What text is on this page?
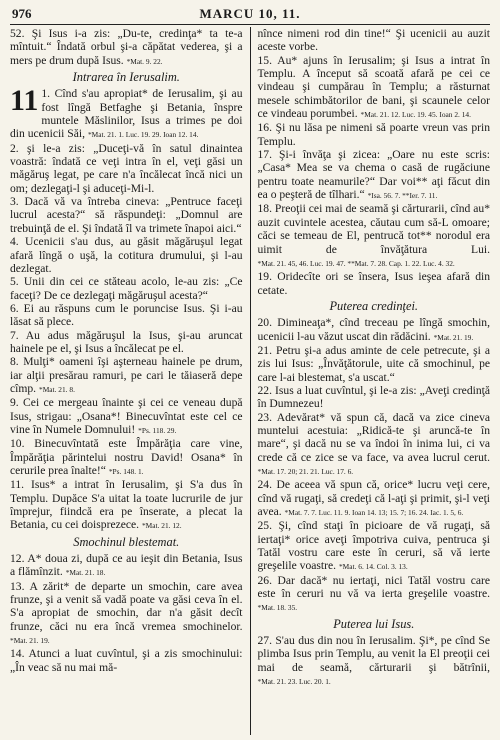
976	MARCU 10, 11.

52. Şi Isus i-a zis: „Du-te, credinţa* ta te-a mîntuit.“ Îndată orbul şi-a căpătat vederea, şi a mers pe drum după Isus. *Mat. 9. 22.

Intrarea în Ierusalim.

11 1. Cînd s'au apropiat* de Ierusalim, şi au fost lîngă Betfaghe şi Betania, înspre muntele Măslinilor, Isus a trimes pe doi din ucenicii Săi, *Mat. 21. 1. Luc. 19. 29. Ioan 12. 14.

2. şi le-a zis: „Duceţi-vă în satul dinaintea voastră: îndată ce veţi intra în el, veţi găsi un măgăruş legat, pe care n'a încălecat încă nici un om; dezlegaţi-l şi aduceţi-Mi-l.

3. Dacă vă va întreba cineva: „Pentruce faceţi lucrul acesta?“ să răspundeţi: „Domnul are trebuinţă de el. Şi îndată îl va trimete înapoi aici.“

4. Ucenicii s'au dus, au găsit măgăruşul legat afară lîngă o uşă, la cotitura drumului, şi l-au dezlegat.

5. Unii din cei ce stăteau acolo, le-au zis: „Ce faceţi? De ce dezlegaţi măgăruşul acesta?“

6. Ei au răspuns cum le poruncise Isus. Şi i-au lăsat să plece.

7. Au adus măgăruşul la Isus, şi-au aruncat hainele pe el, şi Isus a încălecat pe el.

8. Mulţi* oameni îşi aşterneau hainele pe drum, iar alţii presărau ramuri, pe cari le tăiaseră depe cîmp. *Mat. 21. 8.

9. Cei ce mergeau înainte şi cei ce veneau după Isus, strigau: „Osana*! Binecuvîntat este cel ce vine în Numele Domnului! *Ps. 118. 29.

10. Binecuvîntată este Împărăţia care vine, Împărăţia părintelui nostru David! Osana* în cerurile prea înalte!“ *Ps. 148. 1.

11. Isus* a intrat în Ierusalim, şi S'a dus în Templu. Dupăce S'a uitat la toate lucrurile de jur împrejur, fiindcă era pe înserate, a plecat la Betania, cu cei doisprezece. *Mat. 21. 12.

Smochinul blestemat.

12. A* doua zi, după ce au ieşit din Betania, Isus a flămînzit. *Mat. 21. 18.

13. A zărit* de departe un smochin, care avea frunze, şi a venit să vadă poate va găsi ceva în el. S'a apropiat de smochin, dar n'a găsit decît frunze, căci nu era încă vremea smochinelor. *Mat. 21. 19.

14. Atunci a luat cuvîntul, şi a zis smochinului: „În veac să nu mai mă-

nînce nimeni rod din tine!“ Şi ucenicii au auzit aceste vorbe.

15. Au* ajuns în Ierusalim; şi Isus a intrat în Templu. A început să scoată afară pe cei ce vindeau şi cumpărau în Templu; a răsturnat mesele schimbătorilor de bani, şi scaunele celor ce vindeau porumbei. *Mat. 21. 12. Luc. 19. 45. Ioan 2. 14.

16. Şi nu lăsa pe nimeni să poarte vreun vas prin Templu.

17. Şi-i învăţa şi zicea: „Oare nu este scris: „Casa* Mea se va chema o casă de rugăciune pentru toate neamurile?“ Dar voi** aţi făcut din ea o peşteră de tîlhari.“ *Isa. 56. 7. **Ier. 7. 11.

18. Preoţii cei mai de seamă şi cărturarii, cînd au* auzit cuvintele acestea, căutau cum să-L omoare; căci se temeau de El, pentrucă tot** norodul era uimit de învăţătura Lui. *Mat. 21. 45, 46. Luc. 19. 47. **Mat. 7. 28. Cap. 1. 22. Luc. 4. 32.

19. Oridecîte ori se înserа, Isus ieşea afară din cetate.

Puterea credinţei.

20. Dimineaţa*, cînd treceau pe lîngă smochin, ucenicii l-au văzut uscat din rădăcini. *Mat. 21. 19.

21. Petru şi-a adus aminte de cele petrecute, şi a zis lui Isus: „Învăţătorule, uite că smochinul, pe care l-ai blestemat, s'a uscat.“

22. Isus a luat cuvîntul, şi le-a zis: „Aveţi credinţă în Dumnezeu!

23. Adevărat* vă spun că, dacă va zice cineva muntelui acestuia: „Ridică-te şi aruncă-te în mare“, şi dacă nu se va îndoi în inima lui, ci va crede că ce zice se va face, va avea lucrul cerut. *Mat. 17. 20; 21. 21. Luc. 17. 6.

24. De aceea vă spun că, orice* lucru veţi cere, cînd vă rugaţi, să credeţi că l-aţi şi primit, şi-l veţi avea. *Mat. 7. 7. Luc. 11. 9. Ioan 14. 13; 15. 7; 16. 24. Iac. 1. 5, 6.

25. Şi, cînd staţi în picioare de vă rugaţi, să iertaţi* orice aveţi împotriva cuiva, pentruca şi Tatăl vostru care este în ceruri, să vă ierte greşelile voastre. *Mat. 6. 14. Col. 3. 13.

26. Dar dacă* nu iertaţi, nici Tatăl vostru care este în ceruri nu vă va ierta greşelile voastre. *Mat. 18. 35.

Puterea lui Isus.

27. S'au dus din nou în Ierusalim. Şi*, pe cînd Se plimba Isus prin Templu, au venit la El preoţii cei mai de seamă, cărturarii şi bătrînii, *Mat. 21. 23. Luc. 20. 1.
